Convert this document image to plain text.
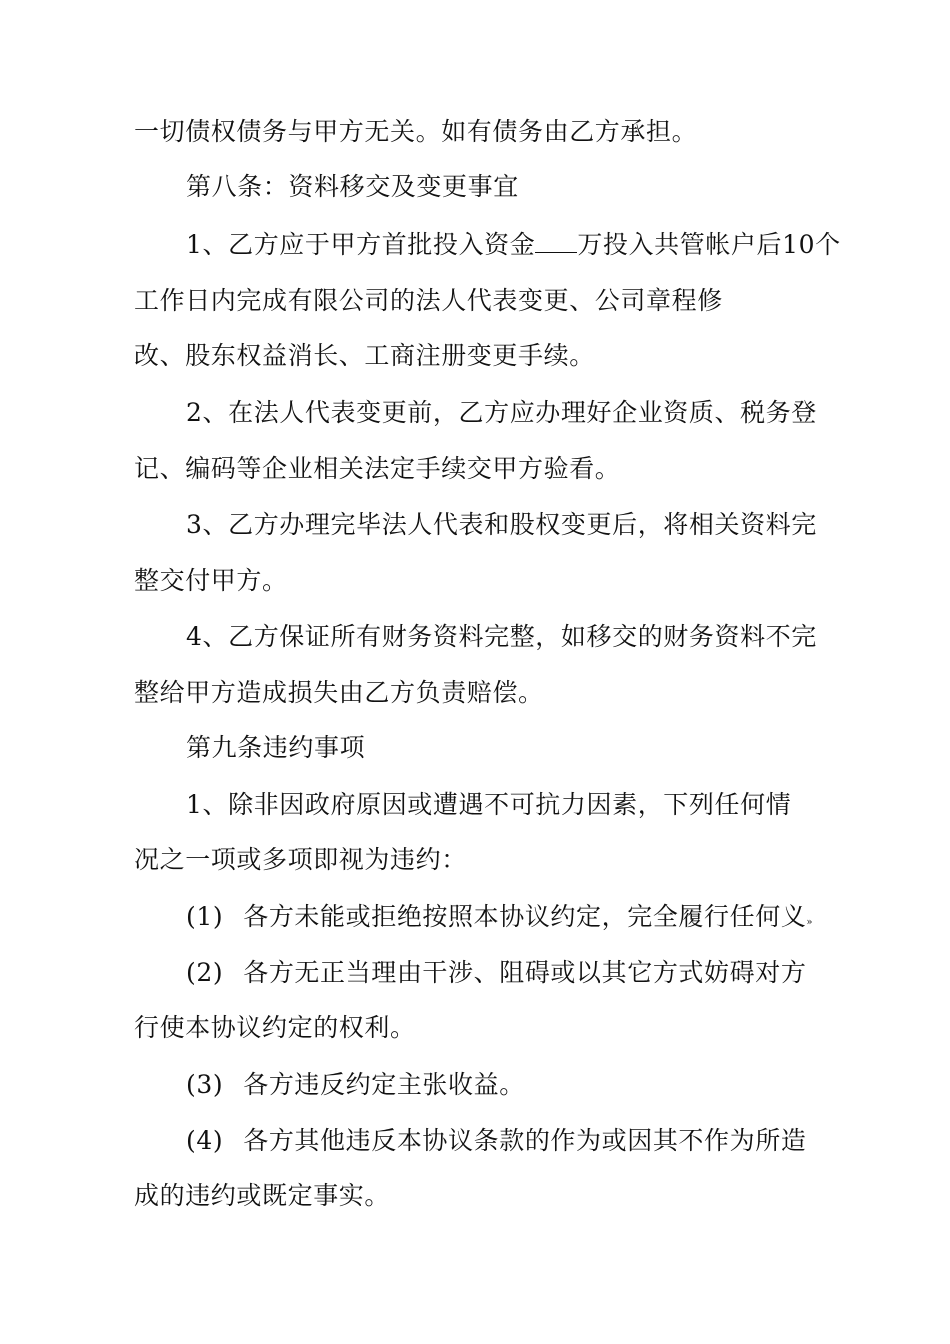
一切债权债务与甲方无关。如有债务由乙方承担。
第八条：资料移交及变更事宜
1、乙方应于甲方首批投入资金 万投入共管帐户后10个
工作日内完成有限公司的法人代表变更、公司章程修
改、股东权益消长、工商注册变更手续。
2、在法人代表变更前，乙方应办理好企业资质、税务登
记、编码等企业相关法定手续交甲方验看。
3、乙方办理完毕法人代表和股权变更后，将相关资料完
整交付甲方。
4、乙方保证所有财务资料完整，如移交的财务资料不完
整给甲方造成损失由乙方负责赔偿。
第九条违约事项
1、除非因政府原因或遭遇不可抗力因素，下列任何情
况之一项或多项即视为违约：
(1) 各方未能或拒绝按照本协议约定，完全履行任何义»
(2) 各方无正当理由干涉、阻碍或以其它方式妨碍对方
行使本协议约定的权利。
(3) 各方违反约定主张收益。
(4) 各方其他违反本协议条款的作为或因其不作为所造
成的违约或既定事实。
